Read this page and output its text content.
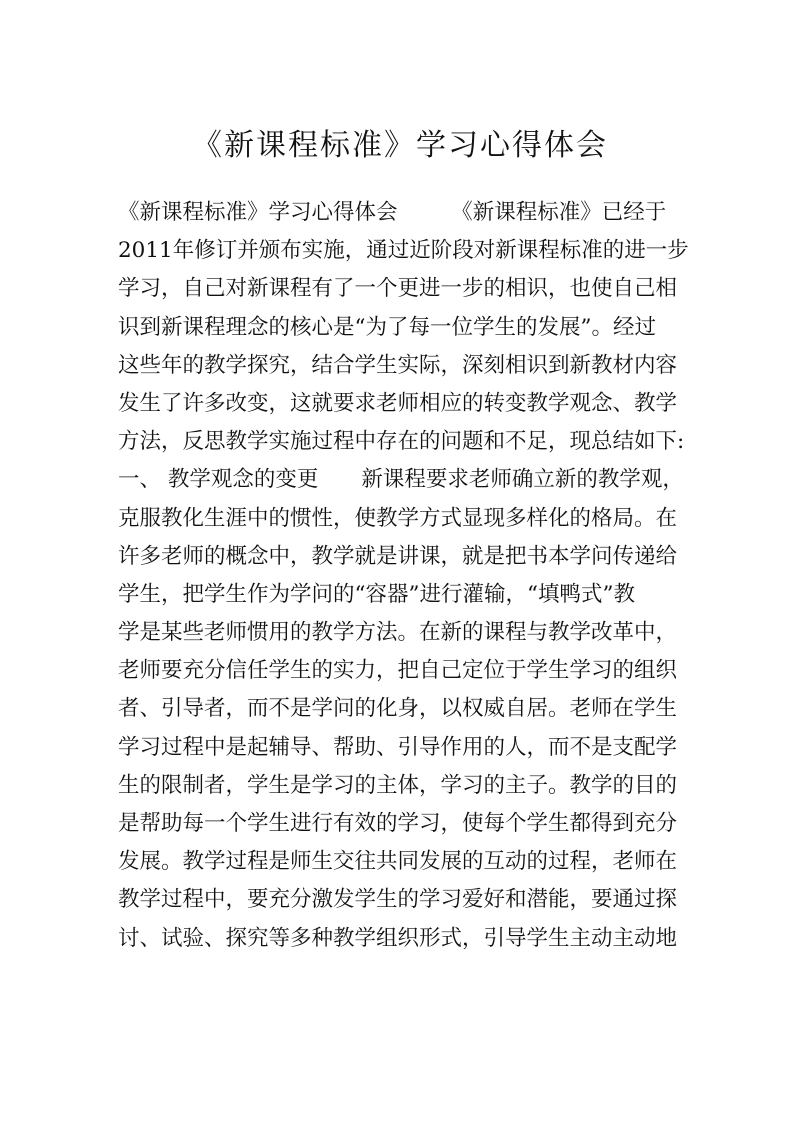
《新课程标准》学习心得体会
《新课程标准》学习心得体会　　　《新课程标准》已经于
2011年修订并颁布实施，通过近阶段对新课程标准的进一步
学习，自己对新课程有了一个更进一步的相识，也使自己相
识到新课程理念的核心是“为了每一位学生的发展”。经过
这些年的教学探究，结合学生实际，深刻相识到新教材内容
发生了许多改变，这就要求老师相应的转变教学观念、教学
方法，反思教学实施过程中存在的问题和不足，现总结如下:
一、 教学观念的变更　　新课程要求老师确立新的教学观，
克服教化生涯中的惯性，使教学方式显现多样化的格局。在
许多老师的概念中，教学就是讲课，就是把书本学问传递给
学生，把学生作为学问的“容器”进行灌输，“填鸭式”教
学是某些老师惯用的教学方法。在新的课程与教学改革中，
老师要充分信任学生的实力，把自己定位于学生学习的组织
者、引导者，而不是学问的化身，以权威自居。老师在学生
学习过程中是起辅导、帮助、引导作用的人，而不是支配学
生的限制者，学生是学习的主体，学习的主子。教学的目的
是帮助每一个学生进行有效的学习，使每个学生都得到充分
发展。教学过程是师生交往共同发展的互动的过程，老师在
教学过程中，要充分激发学生的学习爱好和潜能，要通过探
讨、试验、探究等多种教学组织形式，引导学生主动主动地
